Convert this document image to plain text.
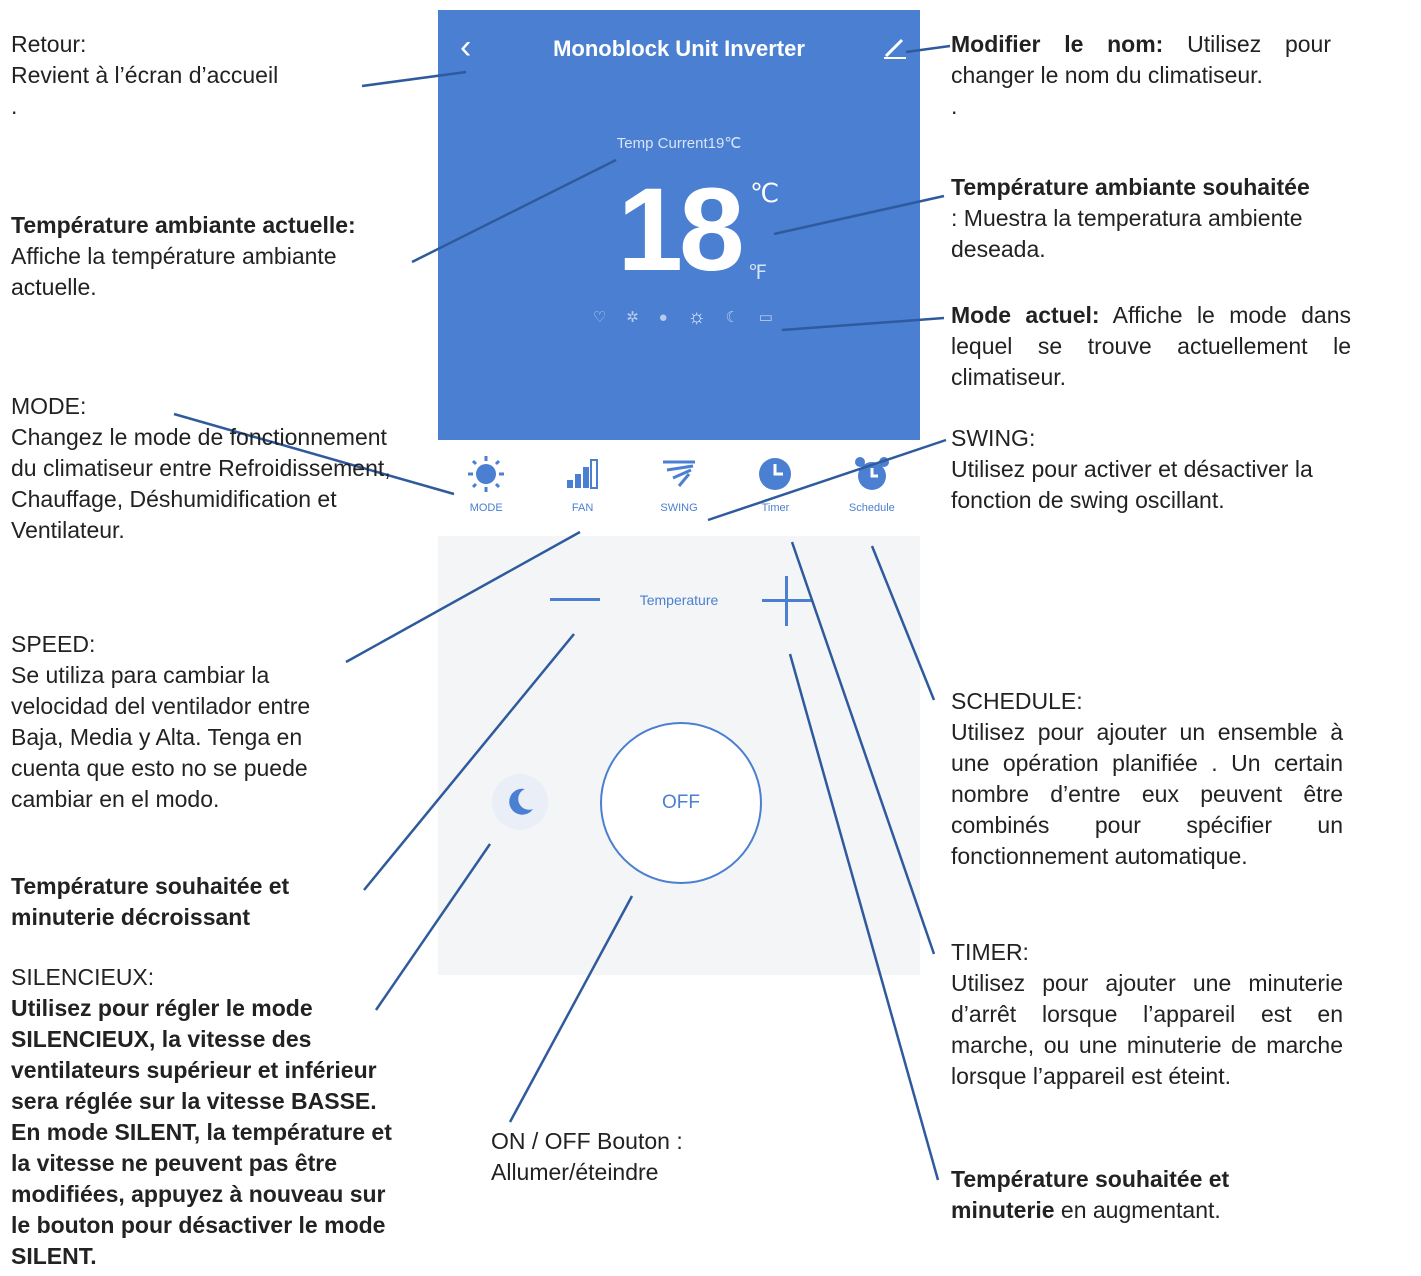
‹	Monoblock Unit Inverter
Temp Current19℃
18 ℃
℉
♡ ✲ ● ☼ ☾ ▭
MODE	FAN	SWING	Timer	Schedule
Temperature
OFF
Retour:
Revient à l’écran d’accueil
.
Température ambiante actuelle:
Affiche la température ambiante actuelle.
MODE:
Changez le mode de fonctionnement du climatiseur entre Refroidissement, Chauffage, Déshumidification et Ventilateur.
SPEED:
Se utiliza para cambiar la velocidad del ventilador entre Baja, Media y Alta. Tenga en cuenta que esto no se puede cambiar en el modo.
Température souhaitée et minuterie décroissant
SILENCIEUX:
Utilisez pour régler le mode SILENCIEUX, la vitesse des ventilateurs supérieur et inférieur sera réglée sur la vitesse BASSE. En mode SILENT, la température et la vitesse ne peuvent pas être modifiées, appuyez à nouveau sur le bouton pour désactiver le mode SILENT.
ON / OFF Bouton :
Allumer/éteindre
Modifier le nom: Utilisez pour changer le nom du climatiseur.
.
Température ambiante souhaitée
: Muestra la temperatura ambiente deseada.
Mode actuel: Affiche le mode dans lequel se trouve actuellement le climatiseur.
SWING:
Utilisez pour activer et désactiver la fonction de swing oscillant.
SCHEDULE:
Utilisez pour ajouter un ensemble à une opération planifiée . Un certain nombre d’entre eux peuvent être combinés pour spécifier un fonctionnement automatique.
TIMER:
Utilisez pour ajouter une minuterie d’arrêt lorsque l’appareil est en marche, ou une minuterie de marche lorsque l’appareil est éteint.
Température souhaitée et
minuterie en augmentant.
